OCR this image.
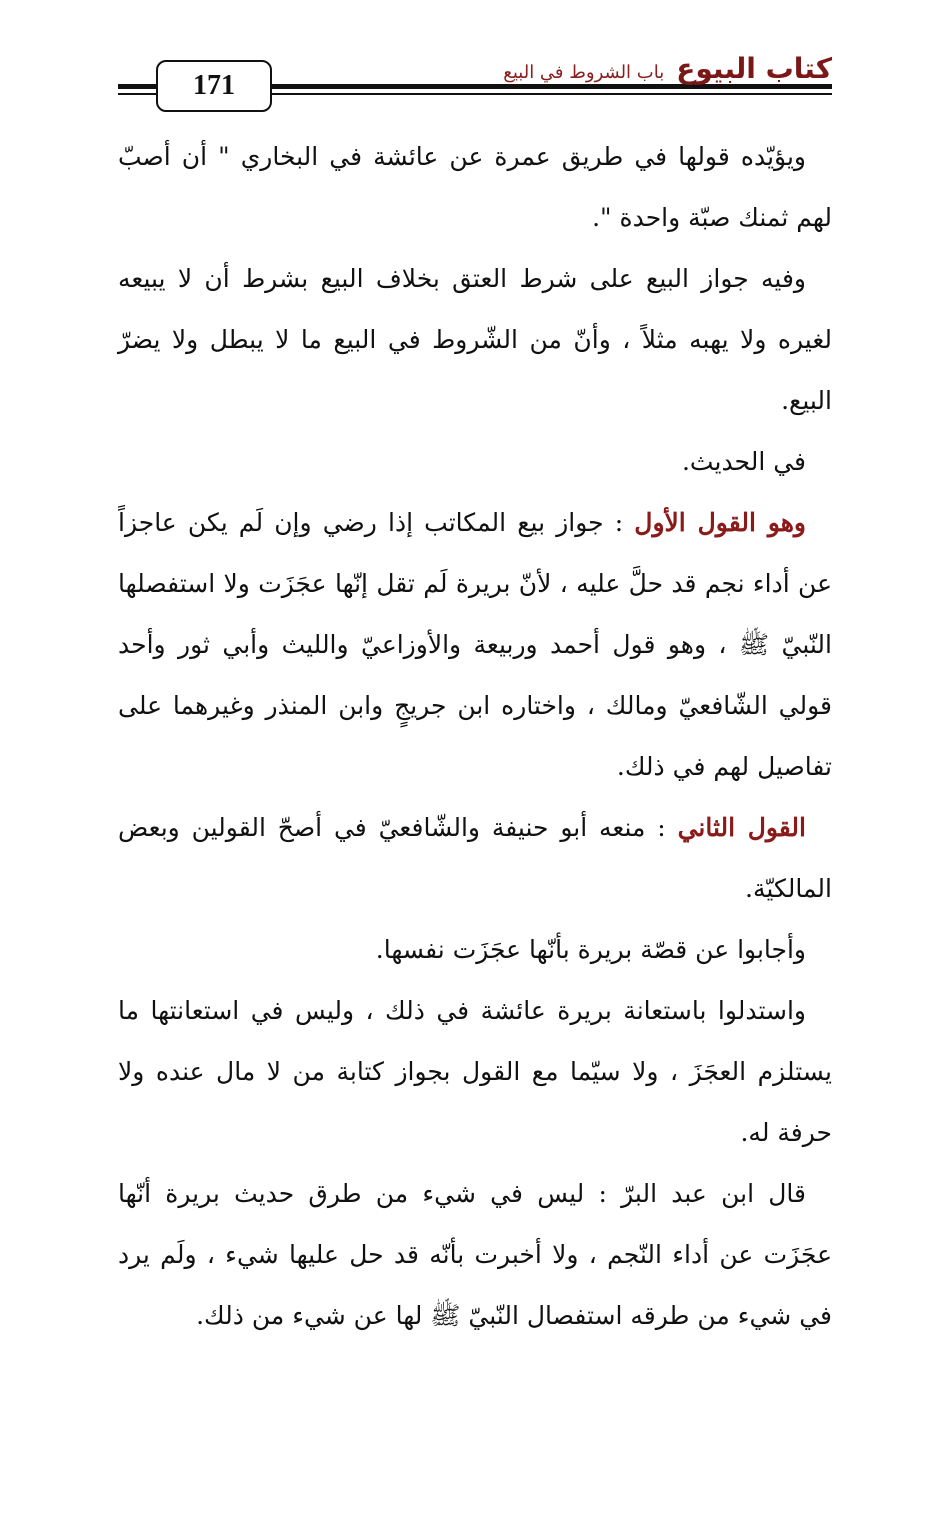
171
كتاب البيوع
باب الشروط في البيع

ويؤيّده قولها في طريق عمرة عن عائشة في البخاري " أن أصبّ لهم ثمنك صبّة واحدة ".

وفيه جواز البيع على شرط العتق بخلاف البيع بشرط أن لا يبيعه لغيره ولا يهبه مثلاً ، وأنّ من الشّروط في البيع ما لا يبطل ولا يضرّ البيع.

في الحديث.

وهو القول الأول : جواز بيع المكاتب إذا رضي وإن لَم يكن عاجزاً عن أداء نجم قد حلَّ عليه ، لأنّ بريرة لَم تقل إنّها عجَزَت ولا استفصلها النّبيّ ﷺ ، وهو قول أحمد وربيعة والأوزاعيّ والليث وأبي ثور وأحد قولي الشّافعيّ ومالك ، واختاره ابن جريجٍ وابن المنذر وغيرهما على تفاصيل لهم في ذلك.

القول الثاني : منعه أبو حنيفة والشّافعيّ في أصحّ القولين وبعض المالكيّة.

وأجابوا عن قصّة بريرة بأنّها عجَزَت نفسها.

واستدلوا باستعانة بريرة عائشة في ذلك ، وليس في استعانتها ما يستلزم العجَزَ ، ولا سيّما مع القول بجواز كتابة من لا مال عنده ولا حرفة له.

قال ابن عبد البرّ : ليس في شيء من طرق حديث بريرة أنّها عجَزَت عن أداء النّجم ، ولا أخبرت بأنّه قد حل عليها شيء ، ولَم يرد في شيء من طرقه استفصال النّبيّ ﷺ لها عن شيء من ذلك.
